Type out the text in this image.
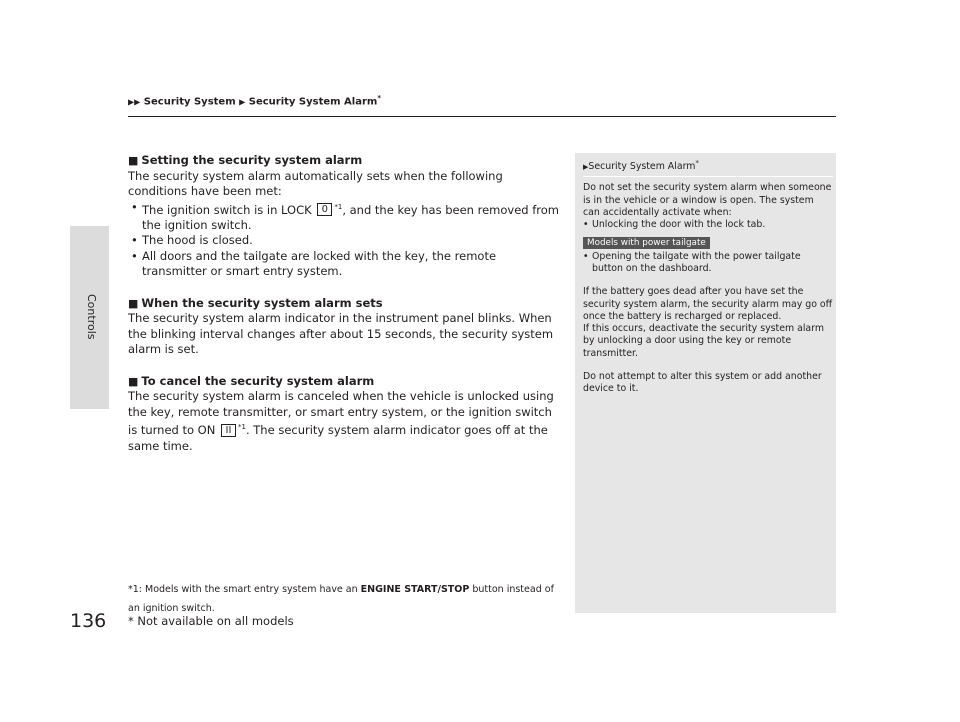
Controls
▶▶ Security System ▶ Security System Alarm*
■ Setting the security system alarm

The security system alarm automatically sets when the following conditions have been met:

• The ignition switch is in LOCK 0 $^{*1}$, and the key has been removed from the ignition switch.
• The hood is closed.
• All doors and the tailgate are locked with the key, the remote transmitter or smart entry system.
■ When the security system alarm sets

The security system alarm indicator in the instrument panel blinks. When the blinking interval changes after about 15 seconds, the security system alarm is set.

■ To cancel the security system alarm

The security system alarm is canceled when the vehicle is unlocked using the key, remote transmitter, or smart entry system, or the ignition switch is turned to ON II $^{*1}$. The security system alarm indicator goes off at the same time.

*1: Models with the smart entry system have an ENGINE START/STOP button instead of an ignition switch.
▶Security System Alarm*

Do not set the security system alarm when someone is in the vehicle or a window is open. The system can accidentally activate when:

• Unlocking the door with the lock tab.
Models with power tailgate
• Opening the tailgate with the power tailgate button on the dashboard.

If the battery goes dead after you have set the security system alarm, the security alarm may go off once the battery is recharged or replaced.

If this occurs, deactivate the security system alarm by unlocking a door using the key or remote transmitter.

Do not attempt to alter this system or add another device to it.

136 * Not available on all models
